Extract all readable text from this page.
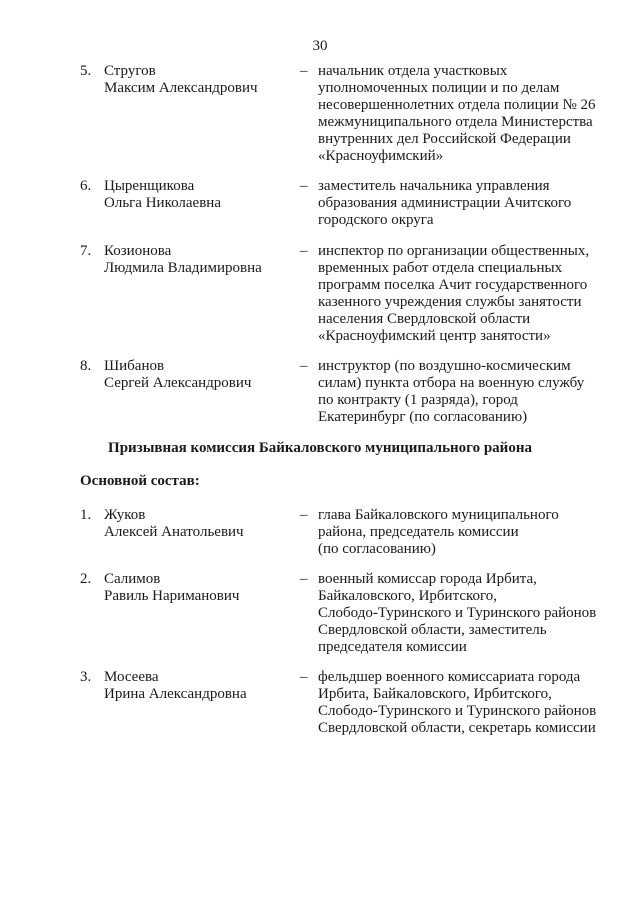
30
5. Стругов
Максим Александрович
– начальник отдела участковых
уполномоченных полиции и по делам
несовершеннолетних отдела полиции № 26
межмуниципального отдела Министерства
внутренних дел Российской Федерации
«Красноуфимский»
6. Цыренщикова
Ольга Николаевна
– заместитель начальника управления
образования администрации Ачитского
городского округа
7. Козионова
Людмила Владимировна
– инспектор по организации общественных,
временных работ отдела специальных
программ поселка Ачит государственного
казенного учреждения службы занятости
населения Свердловской области
«Красноуфимский центр занятости»
8. Шибанов
Сергей Александрович
– инструктор (по воздушно-космическим
силам) пункта отбора на военную службу
по контракту (1 разряда), город
Екатеринбург (по согласованию)
Призывная комиссия Байкаловского муниципального района
Основной состав:
1. Жуков
Алексей Анатольевич
– глава Байкаловского муниципального
района, председатель комиссии
(по согласованию)
2. Салимов
Равиль Нариманович
– военный комиссар города Ирбита,
Байкаловского, Ирбитского,
Слободо-Туринского и Туринского районов
Свердловской области, заместитель
председателя комиссии
3. Мосеева
Ирина Александровна
– фельдшер военного комиссариата города
Ирбита, Байкаловского, Ирбитского,
Слободо-Туринского и Туринского районов
Свердловской области, секретарь комиссии
